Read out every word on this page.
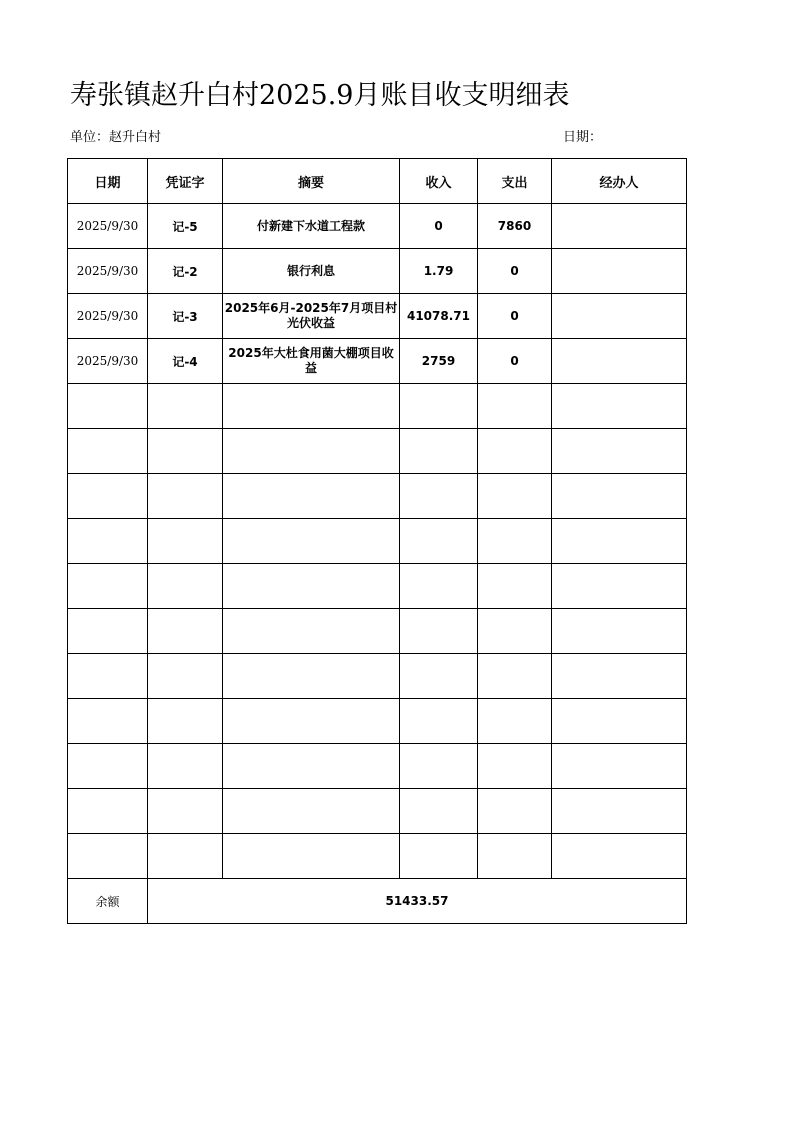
寿张镇赵升白村2025.9月账目收支明细表
单位：赵升白村	日期：
日期	凭证字	摘要	收入	支出	经办人
2025/9/30	记-5	付新建下水道工程款	0	7860	
2025/9/30	记-2	银行利息	1.79	0	
2025/9/30	记-3	2025年6月-2025年7月项目村光伏收益	41078.71	0	
2025/9/30	记-4	2025年大杜食用菌大棚项目收益	2759	0	

余额	51433.57				
